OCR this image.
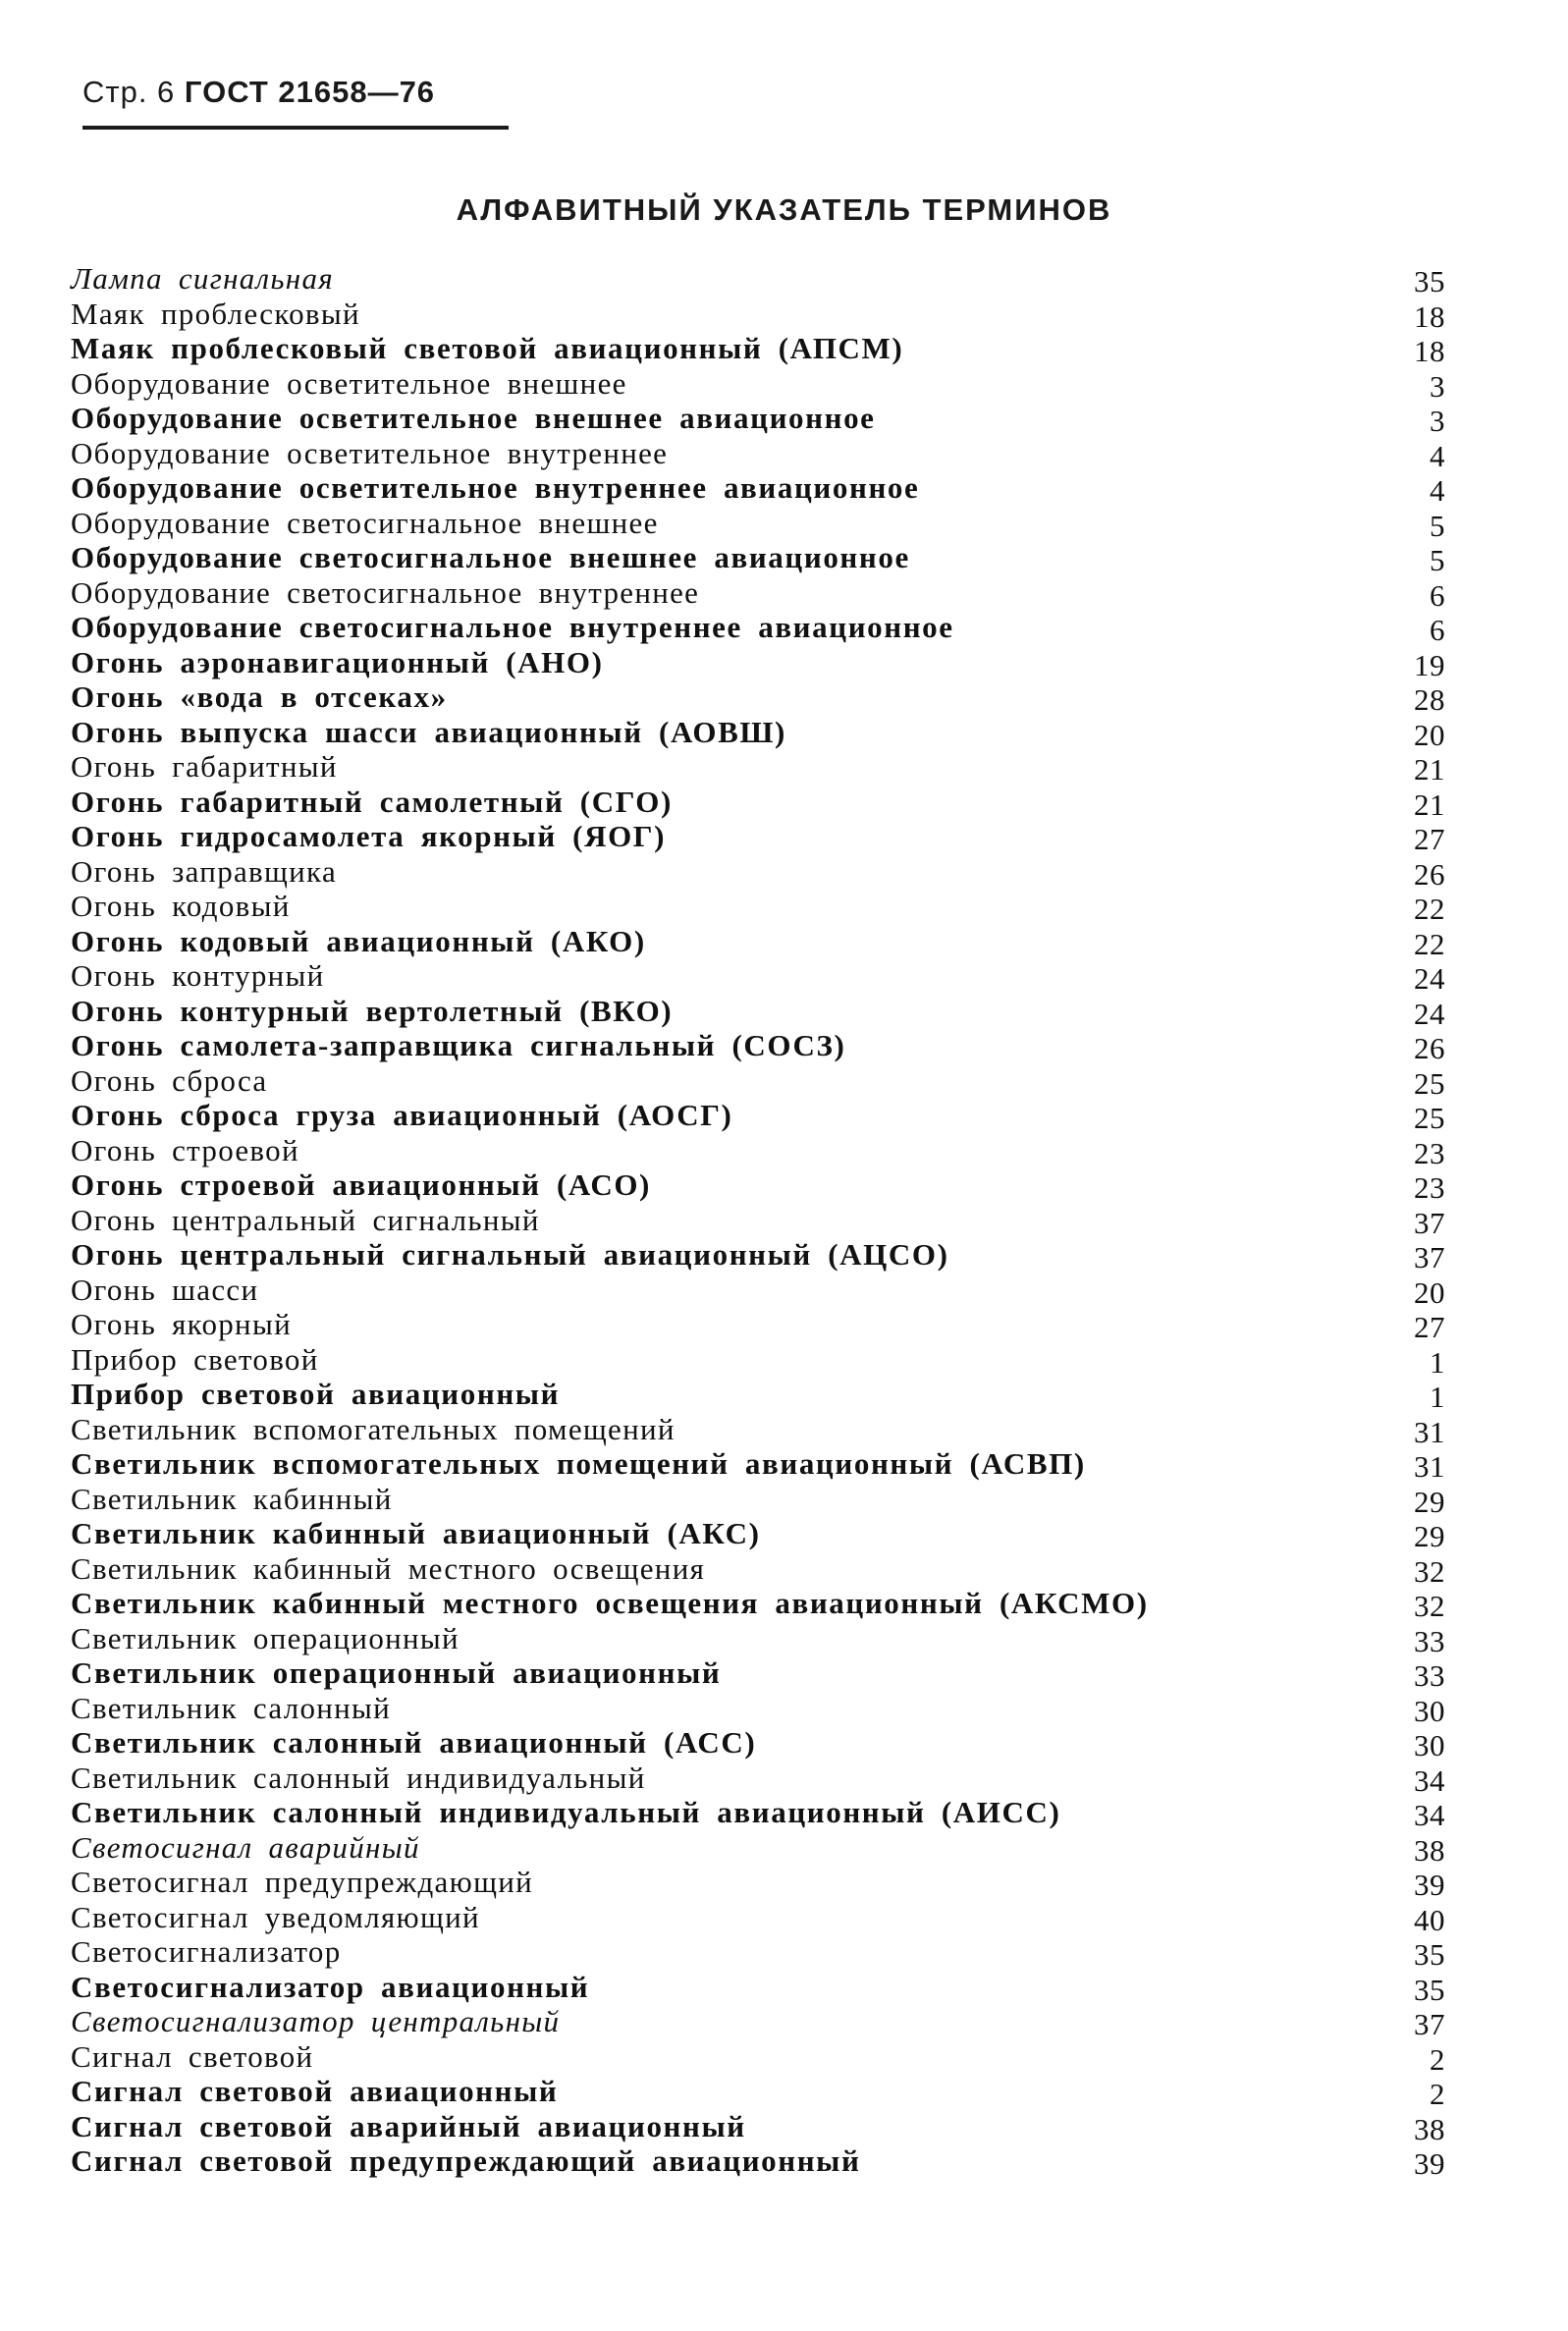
Стр. 6 ГОСТ 21658—76
АЛФАВИТНЫЙ УКАЗАТЕЛЬ ТЕРМИНОВ
Лампа сигнальная	35
Маяк проблесковый	18
Маяк проблесковый световой авиационный (АПСМ)	18
Оборудование осветительное внешнее	3
Оборудование осветительное внешнее авиационное	3
Оборудование осветительное внутреннее	4
Оборудование осветительное внутреннее авиационное	4
Оборудование светосигнальное внешнее	5
Оборудование светосигнальное внешнее авиационное	5
Оборудование светосигнальное внутреннее	6
Оборудование светосигнальное внутреннее авиационное	6
Огонь аэронавигационный (АНО)	19
Огонь «вода в отсеках»	28
Огонь выпуска шасси авиационный (АОВШ)	20
Огонь габаритный	21
Огонь габаритный самолетный (СГО)	21
Огонь гидросамолета якорный (ЯОГ)	27
Огонь заправщика	26
Огонь кодовый	22
Огонь кодовый авиационный (АКО)	22
Огонь контурный	24
Огонь контурный вертолетный (ВКО)	24
Огонь самолета-заправщика сигнальный (СОСЗ)	26
Огонь сброса	25
Огонь сброса груза авиационный (АОСГ)	25
Огонь строевой	23
Огонь строевой авиационный (АСО)	23
Огонь центральный сигнальный	37
Огонь центральный сигнальный авиационный (АЦСО)	37
Огонь шасси	20
Огонь якорный	27
Прибор световой	1
Прибор световой авиационный	1
Светильник вспомогательных помещений	31
Светильник вспомогательных помещений авиационный (АСВП)	31
Светильник кабинный	29
Светильник кабинный авиационный (АКС)	29
Светильник кабинный местного освещения	32
Светильник кабинный местного освещения авиационный (АКСМО)	32
Светильник операционный	33
Светильник операционный авиационный	33
Светильник салонный	30
Светильник салонный авиационный (АСС)	30
Светильник салонный индивидуальный	34
Светильник салонный индивидуальный авиационный (АИСС)	34
Светосигнал аварийный	38
Светосигнал предупреждающий	39
Светосигнал уведомляющий	40
Светосигнализатор	35
Светосигнализатор авиационный	35
Светосигнализатор центральный	37
Сигнал световой	2
Сигнал световой авиационный	2
Сигнал световой аварийный авиационный	38
Сигнал световой предупреждающий авиационный	39
